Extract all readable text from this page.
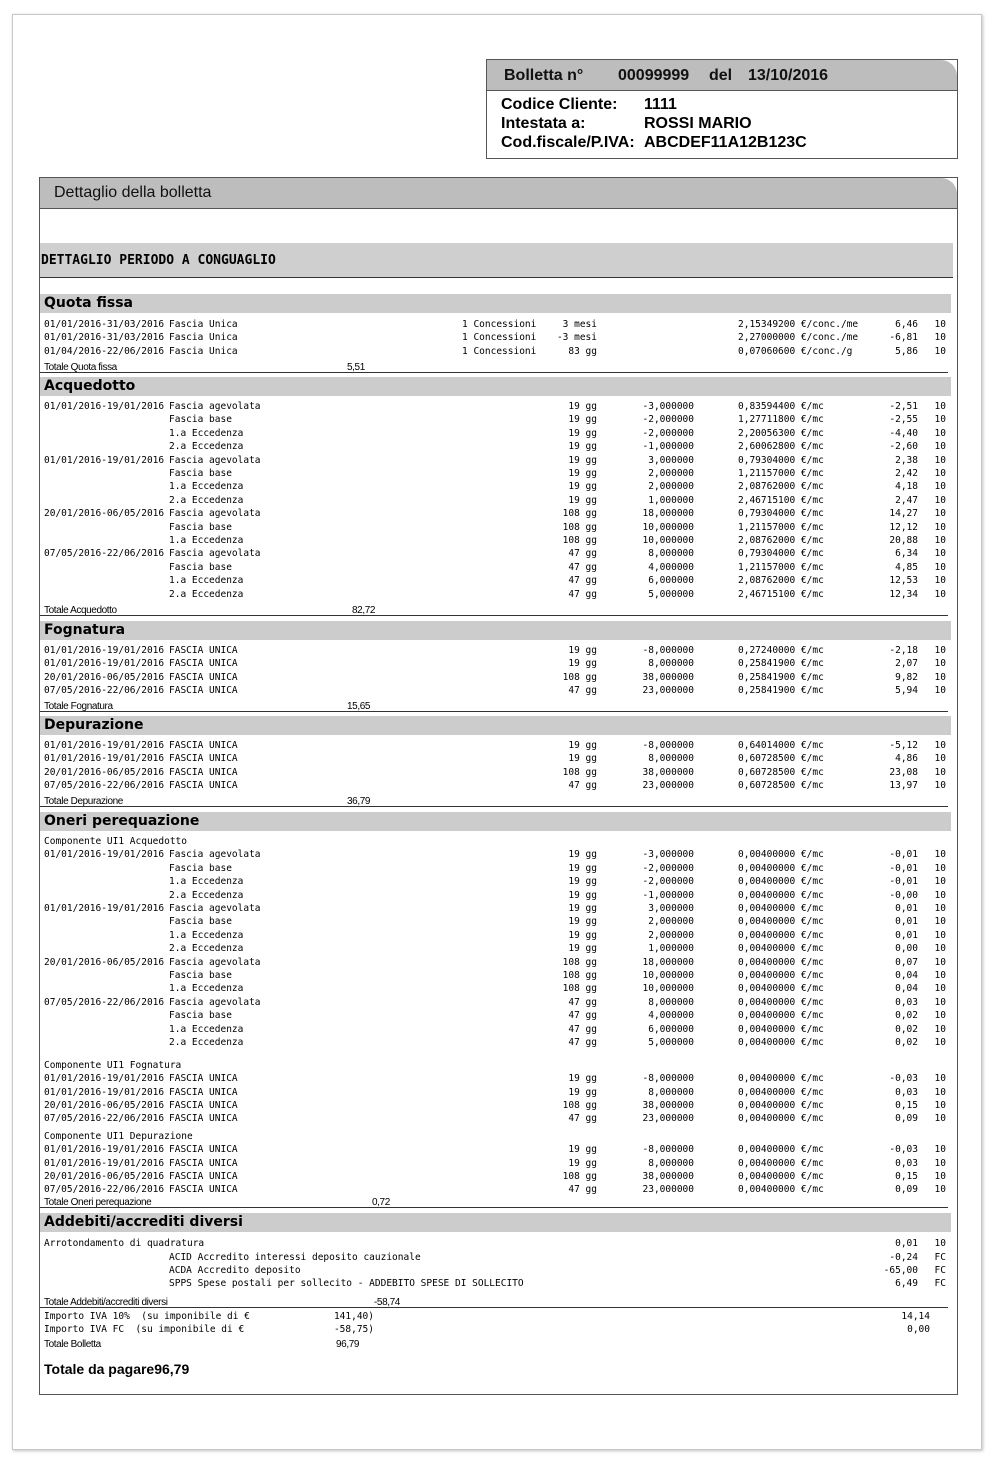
Bolletta n° 00099999 del 13/10/2016
Codice Cliente: 1111
Intestata a:	ROSSI MARIO
Cod.fiscale/P.IVA: ABCDEF11A12B123C
Dettaglio della bolletta
DETTAGLIO PERIODO A CONGUAGLIO
Quota fissa
01/01/2016-31/03/2016 Fascia Unica	1 Concessioni	3 mesi	2,15349200 €/conc./me	6,46 10
01/01/2016-31/03/2016 Fascia Unica	1 Concessioni -3 mesi	2,27000000 €/conc./me	-6,81 10
01/04/2016-22/06/2016 Fascia Unica	1 Concessioni	83 gg	0,07060600 €/conc./g	5,86 10
Totale Quota fissa	5,51
Acquedotto
01/01/2016-19/01/2016 Fascia agevolata	19 gg	-3,000000	0,83594400 €/mc	-2,51 10
Fascia base	19 gg	-2,000000	1,27711800 €/mc	-2,55 10
1.a Eccedenza	19 gg	-2,000000	2,20056300 €/mc	-4,40 10
2.a Eccedenza	19 gg	-1,000000	2,60062800 €/mc	-2,60 10
01/01/2016-19/01/2016 Fascia agevolata	19 gg	3,000000	0,79304000 €/mc	2,38 10
Fascia base	19 gg	2,000000	1,21157000 €/mc	2,42 10
1.a Eccedenza	19 gg	2,000000	2,08762000 €/mc	4,18 10
2.a Eccedenza	19 gg	1,000000	2,46715100 €/mc	2,47 10
20/01/2016-06/05/2016 Fascia agevolata	108 gg	18,000000	0,79304000 €/mc	14,27 10
Fascia base	108 gg	10,000000	1,21157000 €/mc	12,12 10
1.a Eccedenza	108 gg	10,000000	2,08762000 €/mc	20,88 10
07/05/2016-22/06/2016 Fascia agevolata	47 gg	8,000000	0,79304000 €/mc	6,34 10
Fascia base	47 gg	4,000000	1,21157000 €/mc	4,85 10
1.a Eccedenza	47 gg	6,000000	2,08762000 €/mc	12,53 10
2.a Eccedenza	47 gg	5,000000	2,46715100 €/mc	12,34 10
Totale Acquedotto	82,72
Fognatura
01/01/2016-19/01/2016 FASCIA UNICA	19 gg	-8,000000	0,27240000 €/mc	-2,18 10
01/01/2016-19/01/2016 FASCIA UNICA	19 gg	8,000000	0,25841900 €/mc	2,07 10
20/01/2016-06/05/2016 FASCIA UNICA	108 gg	38,000000	0,25841900 €/mc	9,82 10
07/05/2016-22/06/2016 FASCIA UNICA	47 gg	23,000000	0,25841900 €/mc	5,94 10
Totale Fognatura	15,65
Depurazione
01/01/2016-19/01/2016 FASCIA UNICA	19 gg	-8,000000	0,64014000 €/mc	-5,12 10
01/01/2016-19/01/2016 FASCIA UNICA	19 gg	8,000000	0,60728500 €/mc	4,86 10
20/01/2016-06/05/2016 FASCIA UNICA	108 gg	38,000000	0,60728500 €/mc	23,08 10
07/05/2016-22/06/2016 FASCIA UNICA	47 gg	23,000000	0,60728500 €/mc	13,97 10
Totale Depurazione	36,79
Oneri perequazione
Componente UI1 Acquedotto
01/01/2016-19/01/2016 Fascia agevolata	19 gg	-3,000000	0,00400000 €/mc	-0,01 10
Fascia base	19 gg	-2,000000	0,00400000 €/mc	-0,01 10
1.a Eccedenza	19 gg	-2,000000	0,00400000 €/mc	-0,01 10
2.a Eccedenza	19 gg	-1,000000	0,00400000 €/mc	-0,00 10
01/01/2016-19/01/2016 Fascia agevolata	19 gg	3,000000	0,00400000 €/mc	0,01 10
Fascia base	19 gg	2,000000	0,00400000 €/mc	0,01 10
1.a Eccedenza	19 gg	2,000000	0,00400000 €/mc	0,01 10
2.a Eccedenza	19 gg	1,000000	0,00400000 €/mc	0,00 10
20/01/2016-06/05/2016 Fascia agevolata	108 gg	18,000000	0,00400000 €/mc	0,07 10
Fascia base	108 gg	10,000000	0,00400000 €/mc	0,04 10
1.a Eccedenza	108 gg	10,000000	0,00400000 €/mc	0,04 10
07/05/2016-22/06/2016 Fascia agevolata	47 gg	8,000000	0,00400000 €/mc	0,03 10
Fascia base	47 gg	4,000000	0,00400000 €/mc	0,02 10
1.a Eccedenza	47 gg	6,000000	0,00400000 €/mc	0,02 10
2.a Eccedenza	47 gg	5,000000	0,00400000 €/mc	0,02 10
Componente UI1 Fognatura
01/01/2016-19/01/2016 FASCIA UNICA	19 gg	-8,000000	0,00400000 €/mc	-0,03 10
01/01/2016-19/01/2016 FASCIA UNICA	19 gg	8,000000	0,00400000 €/mc	0,03 10
20/01/2016-06/05/2016 FASCIA UNICA	108 gg	38,000000	0,00400000 €/mc	0,15 10
07/05/2016-22/06/2016 FASCIA UNICA	47 gg	23,000000	0,00400000 €/mc	0,09 10
Componente UI1 Depurazione
01/01/2016-19/01/2016 FASCIA UNICA	19 gg	-8,000000	0,00400000 €/mc	-0,03 10
01/01/2016-19/01/2016 FASCIA UNICA	19 gg	8,000000	0,00400000 €/mc	0,03 10
20/01/2016-06/05/2016 FASCIA UNICA	108 gg	38,000000	0,00400000 €/mc	0,15 10
07/05/2016-22/06/2016 FASCIA UNICA	47 gg	23,000000	0,00400000 €/mc	0,09 10
Totale Oneri perequazione	0,72
Addebiti/accrediti diversi
Arrotondamento di quadratura	0,01 10
ACID Accredito interessi deposito cauzionale	-0,24 FC
ACDA Accredito deposito	-65,00 FC
SPPS Spese postali per sollecito - ADDEBITO SPESE DI SOLLECITO	6,49 FC
Totale Addebiti/accrediti diversi	-58,74
Importo IVA 10%  (su imponibile di €	141,40)	14,14
Importo IVA FC  (su imponibile di €	-58,75)	0,00
Totale Bolletta	96,79
Totale da pagare96,79
